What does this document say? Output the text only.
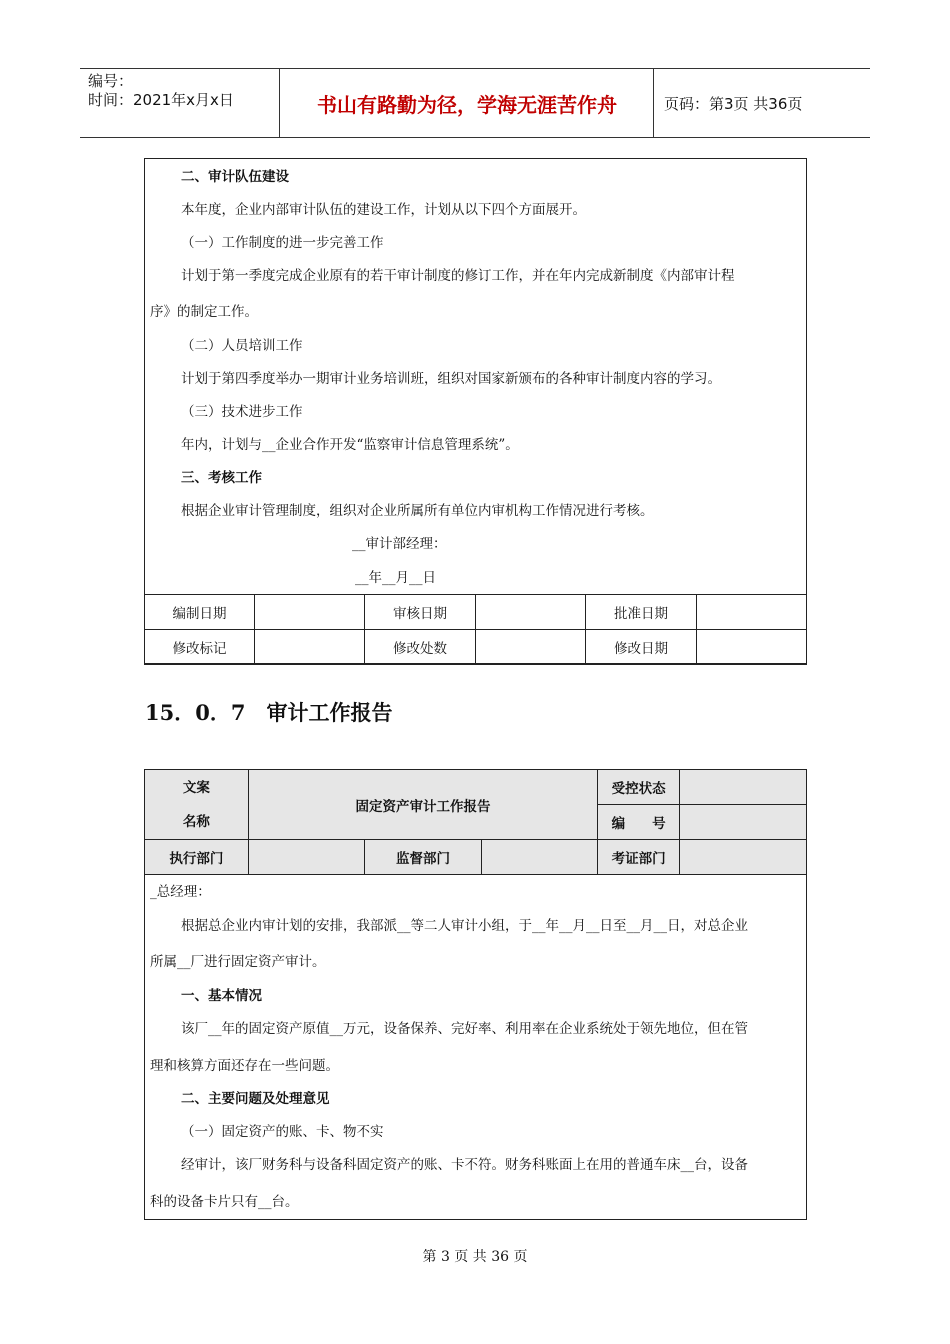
编号：
时间：2021年x月x日	书山有路勤为径，学海无涯苦作舟	页码：第3页 共36页
二、审计队伍建设
本年度，企业内部审计队伍的建设工作，计划从以下四个方面展开。
（一）工作制度的进一步完善工作
计划于第一季度完成企业原有的若干审计制度的修订工作，并在年内完成新制度《内部审计程
序》的制定工作。
（二）人员培训工作
计划于第四季度举办一期审计业务培训班，组织对国家新颁布的各种审计制度内容的学习。
（三）技术进步工作
年内，计划与__企业合作开发“监察审计信息管理系统”。
三、考核工作
根据企业审计管理制度，组织对企业所属所有单位内审机构工作情况进行考核。
__审计部经理：
__年__月__日
编制日期		审核日期		批准日期	
修改标记		修改处数		修改日期	
15．0．7　审计工作报告
文案
名称	固定资产审计工作报告			受控状态	
				编　　号	
执行部门		监督部门		考证部门	
_总经理：
根据总企业内审计划的安排，我部派__等二人审计小组，于__年__月__日至__月__日，对总企业
所属__厂进行固定资产审计。
一、基本情况
该厂__年的固定资产原值__万元，设备保养、完好率、利用率在企业系统处于领先地位，但在管
理和核算方面还存在一些问题。
二、主要问题及处理意见
（一）固定资产的账、卡、物不实
经审计，该厂财务科与设备科固定资产的账、卡不符。财务科账面上在用的普通车床__台，设备
科的设备卡片只有__台。
第 3 页 共 36 页
